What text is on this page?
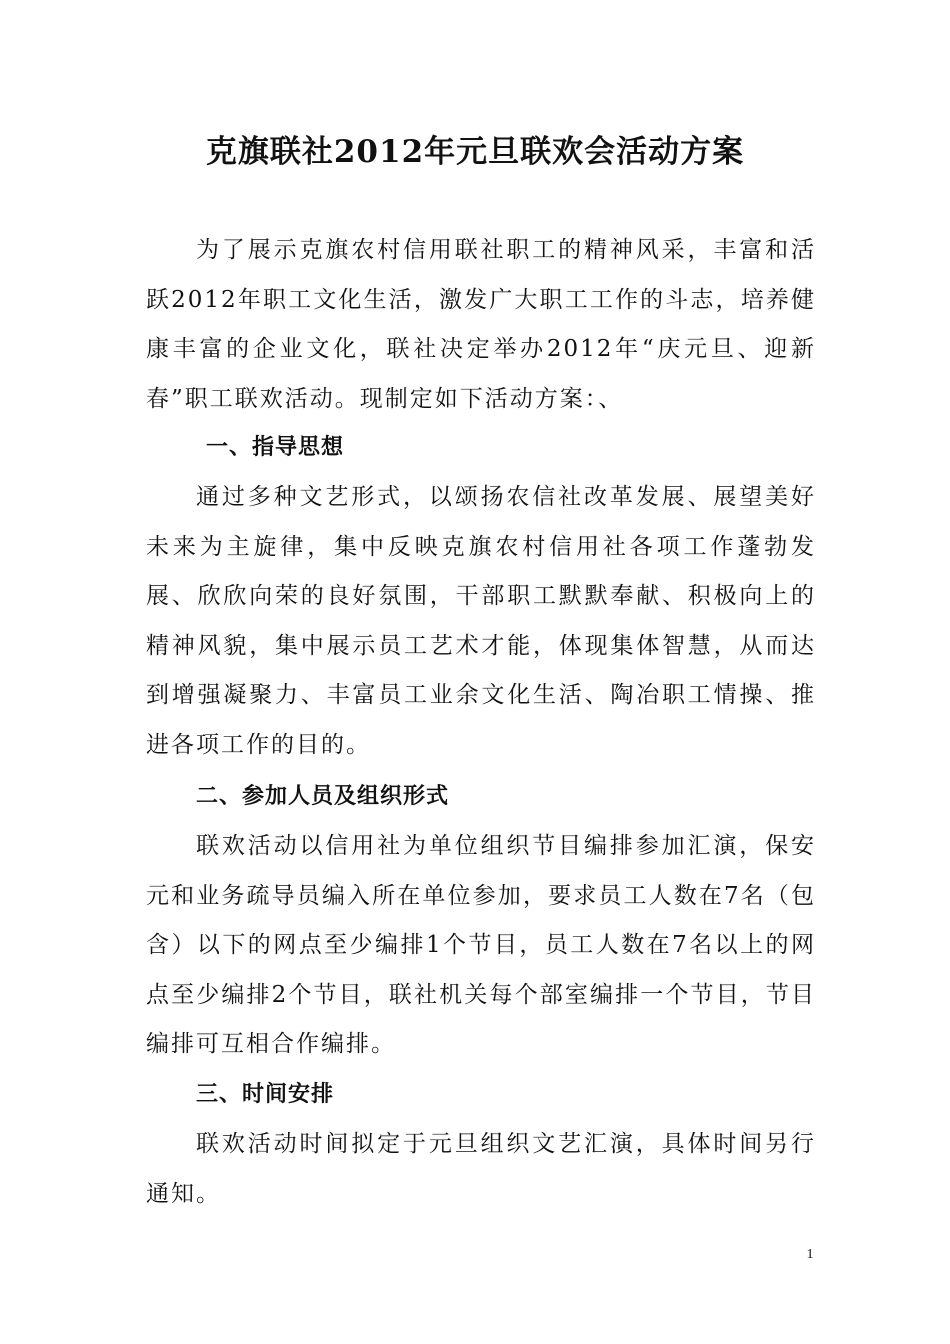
克旗联社2012年元旦联欢会活动方案

为了展示克旗农村信用联社职工的精神风采，丰富和活跃2012年职工文化生活，激发广大职工工作的斗志，培养健康丰富的企业文化，联社决定举办2012年“庆元旦、迎新春”职工联欢活动。现制定如下活动方案：、

一、指导思想

通过多种文艺形式，以颂扬农信社改革发展、展望美好未来为主旋律，集中反映克旗农村信用社各项工作蓬勃发展、欣欣向荣的良好氛围，干部职工默默奉献、积极向上的精神风貌，集中展示员工艺术才能，体现集体智慧，从而达到增强凝聚力、丰富员工业余文化生活、陶冶职工情操、推进各项工作的目的。

二、参加人员及组织形式

联欢活动以信用社为单位组织节目编排参加汇演，保安元和业务疏导员编入所在单位参加，要求员工人数在7名（包含）以下的网点至少编排1个节目，员工人数在7名以上的网点至少编排2个节目，联社机关每个部室编排一个节目，节目编排可互相合作编排。

三、时间安排

联欢活动时间拟定于元旦组织文艺汇演，具体时间另行通知。

1
